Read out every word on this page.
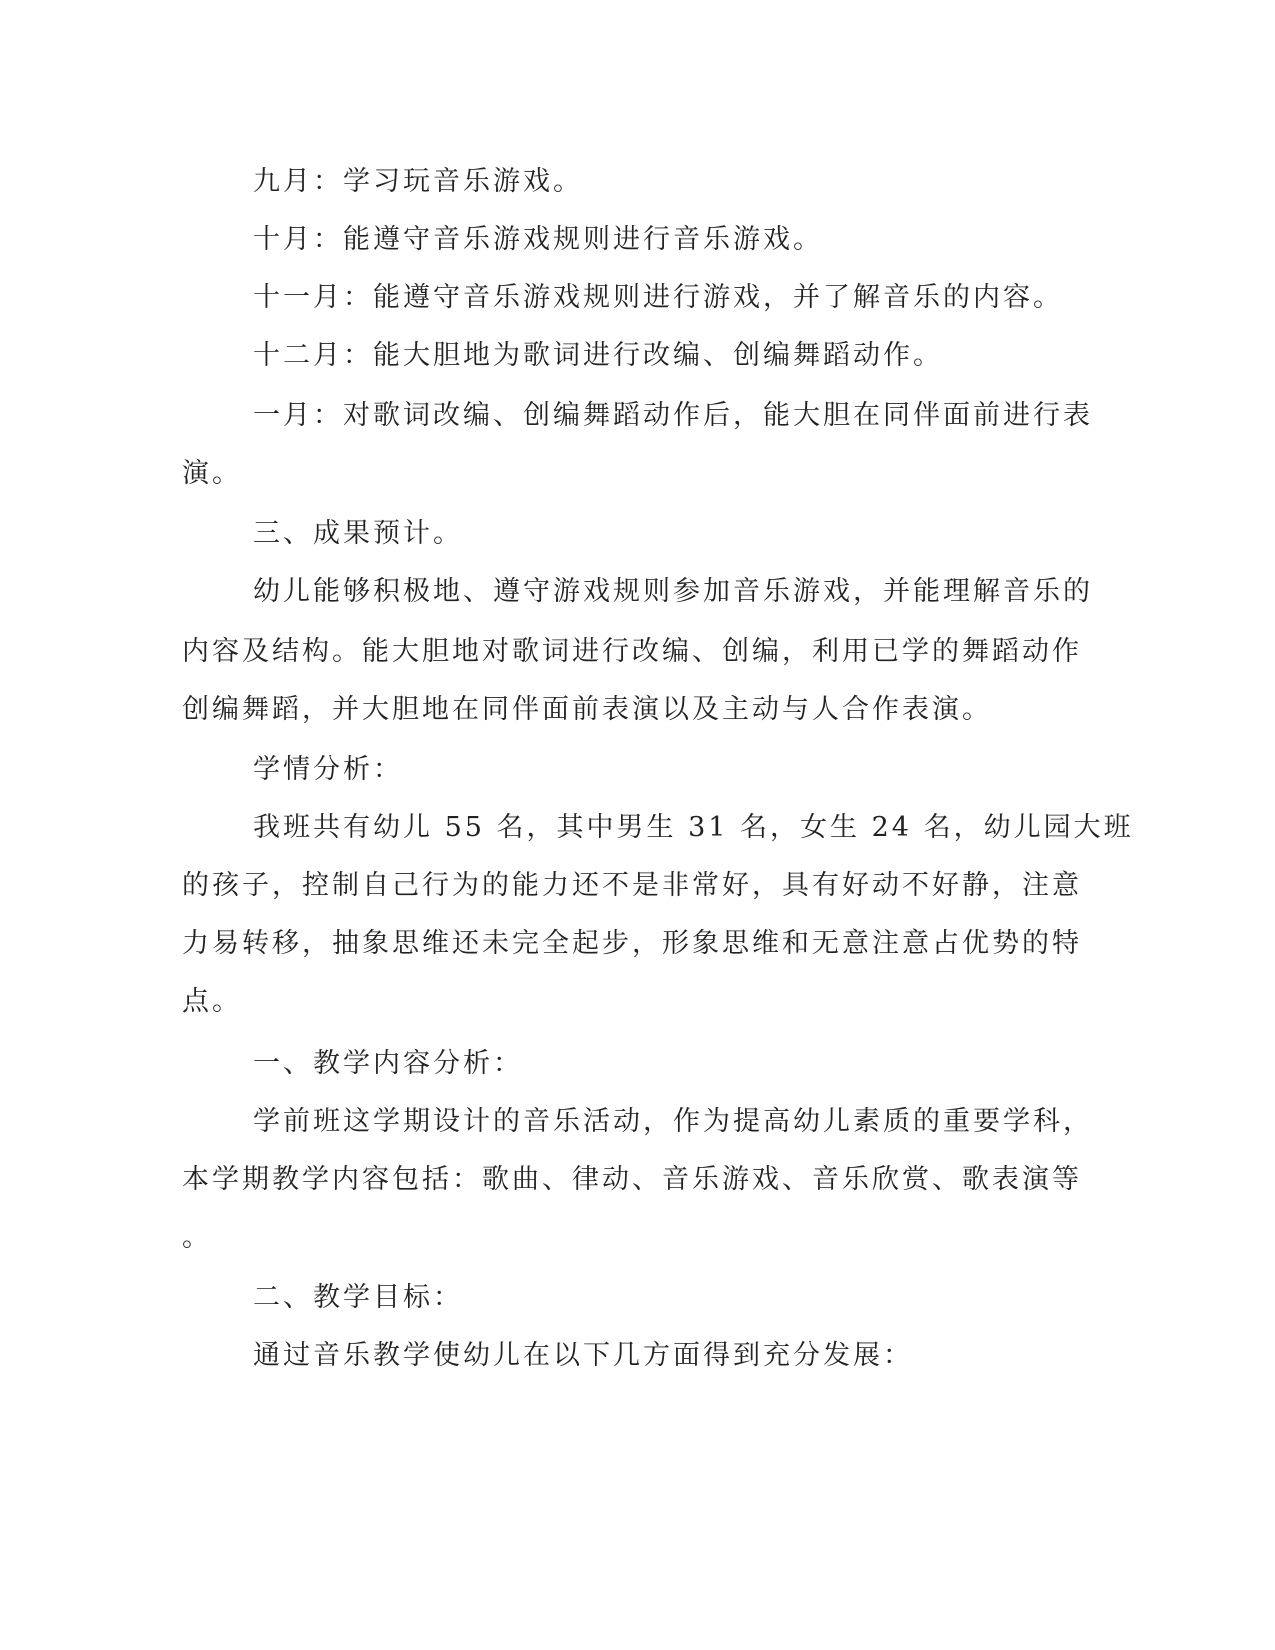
九月：学习玩音乐游戏。

十月：能遵守音乐游戏规则进行音乐游戏。

十一月：能遵守音乐游戏规则进行游戏，并了解音乐的内容。

十二月：能大胆地为歌词进行改编、创编舞蹈动作。

一月：对歌词改编、创编舞蹈动作后，能大胆在同伴面前进行表

演。

三、成果预计。

幼儿能够积极地、遵守游戏规则参加音乐游戏，并能理解音乐的

内容及结构。能大胆地对歌词进行改编、创编，利用已学的舞蹈动作

创编舞蹈，并大胆地在同伴面前表演以及主动与人合作表演。

学情分析：

我班共有幼儿 55 名，其中男生 31 名，女生 24 名，幼儿园大班

的孩子，控制自己行为的能力还不是非常好，具有好动不好静，注意

力易转移，抽象思维还未完全起步，形象思维和无意注意占优势的特

点。

一、教学内容分析：

学前班这学期设计的音乐活动，作为提高幼儿素质的重要学科，

本学期教学内容包括：歌曲、律动、音乐游戏、音乐欣赏、歌表演等

。

二、教学目标：

通过音乐教学使幼儿在以下几方面得到充分发展：
